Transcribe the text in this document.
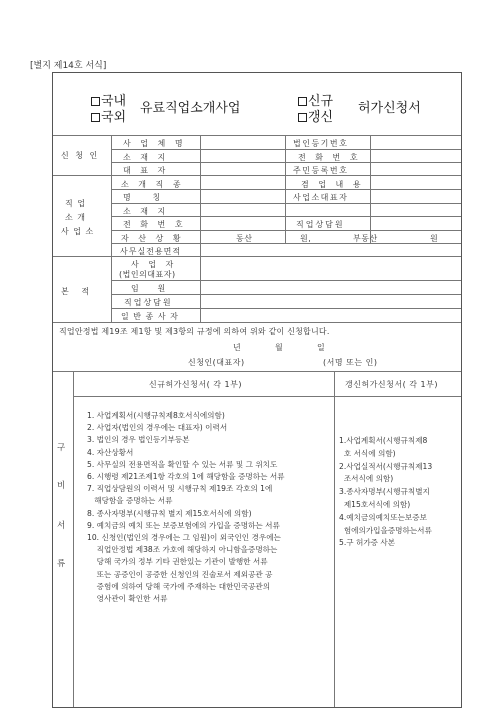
[별지 제14호 서식]
국내
국외
유료직업소개사업	신규
갱신
허가신청서
신 청 인
사 업 체 명	법인등기번호
소 재 지	전 화 번 호
대 표 자	주민등록번호
직 업
소 개
사 업 소
소 개 직 종	겸 업 내 용
명       칭	사업소대표자
소 재 지
전 화 번 호	직업상담원
자 산 상 황	동산	원,	부동산	원
사무실전용면적
본    적
사 업 자
(법인의대표자)
임      원
직업상담원
일 반 종 사 자
직업안정법 제19조 제1항 및 제3항의 규정에 의하여 위와 같이 신청합니다.
년	월	일
신청인(대표자)	(서명 또는 인)
신규허가신청서( 각 1부)	갱신허가신청서( 각 1부)
구
비
서
류
1. 사업계획서(시행규칙제8호서식에의함)
2. 사업자(법인의 경우에는 대표자) 이력서
3. 법인의 경우 법인등기부등본
4. 자산상황서
5. 사무실의 전용면적을 확인할 수 있는 서류 및 그 위치도
6. 시행령 제21조제1항 각호의 1에 해당함을 증명하는 서류
7. 직업상담원의 이력서 및 시행규칙 제19조 각호의 1에
해당함을 증명하는 서류
8. 종사자명부(시행규칙 별지 제15호서식에 의함)
9. 예치금의 예치 또는 보증보험에의 가입을 증명하는 서류
10. 신청인(법인의 경우에는 그 임원)이 외국인인 경우에는
직업안정법 제38조 가호에 해당하지 아니함을증명하는
당해 국가의 정부 기타 권한있는 기관이 발행한 서류
또는 공증인이 공증한 신청인의 진술로서 제외공관 공
증험에 의하여 당해 국가에 주재하는 대한민국공관의
영사관이 확인한 서류
1.사업계획서(시행규칙제8
호 서식에 의함)
2.사업실적서(시행규칙제13
조서식에 의함)
3.종사자명부(시행규칙별지
제15호서식에 의함)
4.예치금의예치또는보증보
험에의가입을증명하는서류
5.구 허가증 사본
